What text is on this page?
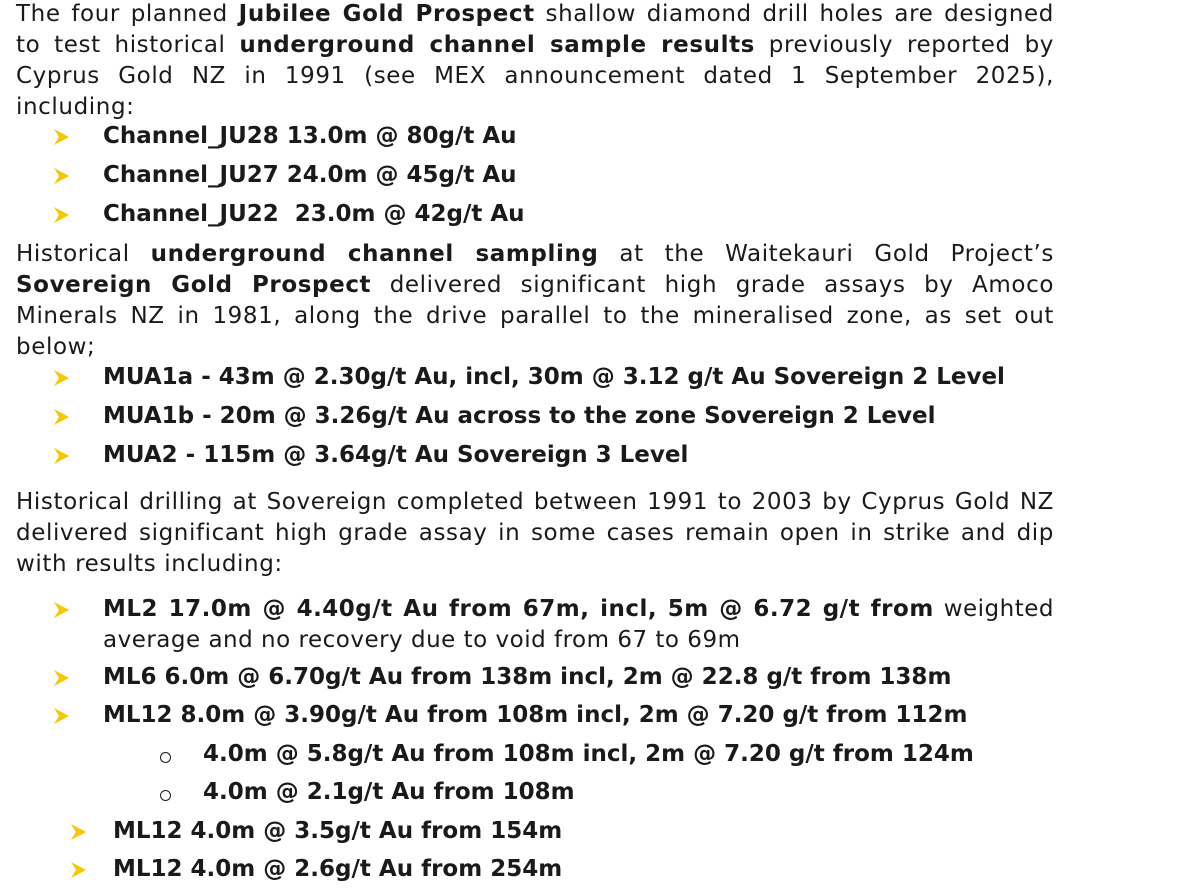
The four planned Jubilee Gold Prospect shallow diamond drill holes are designed to test historical underground channel sample results previously reported by Cyprus Gold NZ in 1991 (see MEX announcement dated 1 September 2025), including:

Channel_JU28 13.0m @ 80g/t Au
Channel_JU27 24.0m @ 45g/t Au
Channel_JU22  23.0m @ 42g/t Au

Historical underground channel sampling at the Waitekauri Gold Project’s Sovereign Gold Prospect delivered significant high grade assays by Amoco Minerals NZ in 1981, along the drive parallel to the mineralised zone, as set out below;

MUA1a - 43m @ 2.30g/t Au, incl, 30m @ 3.12 g/t Au Sovereign 2 Level
MUA1b - 20m @ 3.26g/t Au across to the zone Sovereign 2 Level
MUA2 - 115m @ 3.64g/t Au Sovereign 3 Level

Historical drilling at Sovereign completed between 1991 to 2003 by Cyprus Gold NZ delivered significant high grade assay in some cases remain open in strike and dip with results including:

ML2 17.0m @ 4.40g/t Au from 67m, incl, 5m @ 6.72 g/t from weighted average and no recovery due to void from 67 to 69m
ML6 6.0m @ 6.70g/t Au from 138m incl, 2m @ 22.8 g/t from 138m
ML12 8.0m @ 3.90g/t Au from 108m incl, 2m @ 7.20 g/t from 112m
4.0m @ 5.8g/t Au from 108m incl, 2m @ 7.20 g/t from 124m
4.0m @ 2.1g/t Au from 108m
ML12 4.0m @ 3.5g/t Au from 154m
ML12 4.0m @ 2.6g/t Au from 254m
